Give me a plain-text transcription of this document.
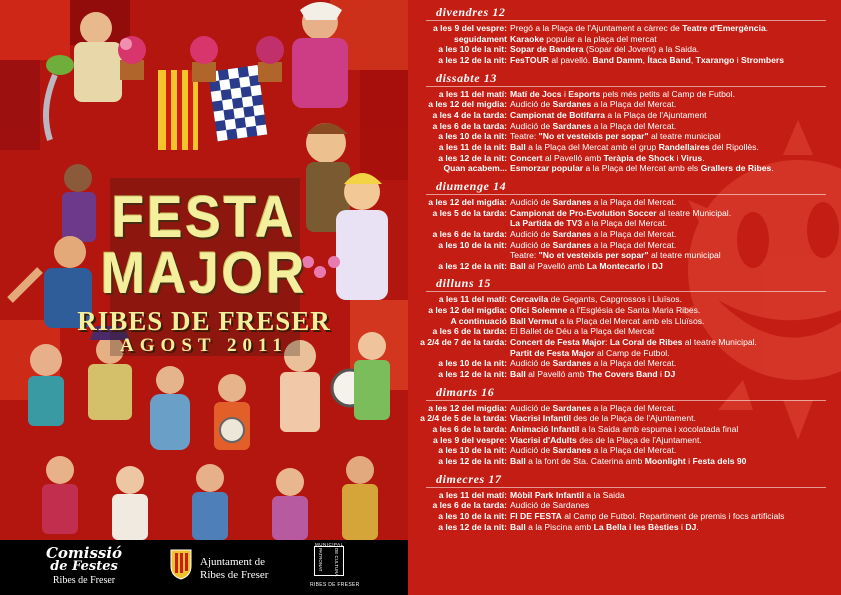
FESTA
MAJOR
RIBES DE FRESER
AGOST 2011
Comissió
de Festes
Ribes de Freser
Ajuntament de
Ribes de Freser
MUNICIPAL
PATRONAT DE CULTURA
RIBES DE FRESER
divendres 12
a les 9 del vespre: Pregó a la Plaça de l'Ajuntament a càrrec de Teatre d'Emergència.
seguidament Karaoke popular a la plaça del mercat
a les 10 de la nit: Sopar de Bandera (Sopar del Jovent) a la Saida.
a les 12 de la nit: FesTOUR al pavelló. Band Damm, Ítaca Band, Txarango i Strombers
dissabte 13
a les 11 del matí: Matí de Jocs i Esports pels més petits al Camp de Futbol.
a les 12 del migdia: Audició de Sardanes a la Plaça del Mercat.
a les 4 de la tarda: Campionat de Botifarra a la Plaça de l'Ajuntament
a les 6 de la tarda: Audició de Sardanes a la Plaça del Mercat.
a les 10 de la nit: Teatre: "No et vesteixis per sopar" al teatre municipal
a les 11 de la nit: Ball a la Plaça del Mercat amb el grup Randellaires del Ripollès.
a les 12 de la nit: Concert al Pavelló amb Teràpia de Shock i Virus.
Quan acabem... Esmorzar popular a la Plaça del Mercat amb els Grallers de Ribes.
diumenge 14
a les 12 del migdia: Audició de Sardanes a la Plaça del Mercat.
a les 5 de la tarda: Campionat de Pro-Evolution Soccer al teatre Municipal.
La Partida de TV3 a la Plaça del Mercat.
a les 6 de la tarda: Audició de Sardanes a la Plaça del Mercat.
a les 10 de la nit: Audició de Sardanes a la Plaça del Mercat.
Teatre: "No et vesteixis per sopar" al teatre municipal
a les 12 de la nit: Ball al Pavelló amb La Montecarlo i DJ
dilluns 15
a les 11 del matí: Cercavila de Gegants, Capgrossos i Lluïsos.
a les 12 del migdia: Ofici Solemne a l'Església de Santa Maria Ribes.
A continuació Ball Vermut a la Plaça del Mercat amb els Lluïsos.
a les 6 de la tarda: El Ballet de Déu a la Plaça del Mercat
a 2/4 de 7 de la tarda: Concert de Festa Major: La Coral de Ribes al teatre Municipal.
Partit de Festa Major al Camp de Futbol.
a les 10 de la nit: Audició de Sardanes a la Plaça del Mercat.
a les 12 de la nit: Ball al Pavelló amb The Covers Band i DJ
dimarts 16
a les 12 del migdia: Audició de Sardanes a la Plaça del Mercat.
a 2/4 de 5 de la tarda: Viacrisi Infantil des de la Plaça de l'Ajuntament.
a les 6 de la tarda: Animació Infantil a la Saida amb espuma i xocolatada final
a les 9 del vespre: Viacrisi d'Adults des de la Plaça de l'Ajuntament.
a les 10 de la nit: Audició de Sardanes a la Plaça del Mercat.
a les 12 de la nit: Ball a la font de Sta. Caterina amb Moonlight i Festa dels 90
dimecres 17
a les 11 del matí: Mòbil Park Infantil a la Saida
a les 6 de la tarda: Audició de Sardanes
a les 10 de la nit: FI DE FESTA al Camp de Futbol. Repartiment de premis i focs artificials
a les 12 de la nit: Ball a la Piscina amb La Bella i les Bèsties i DJ.
